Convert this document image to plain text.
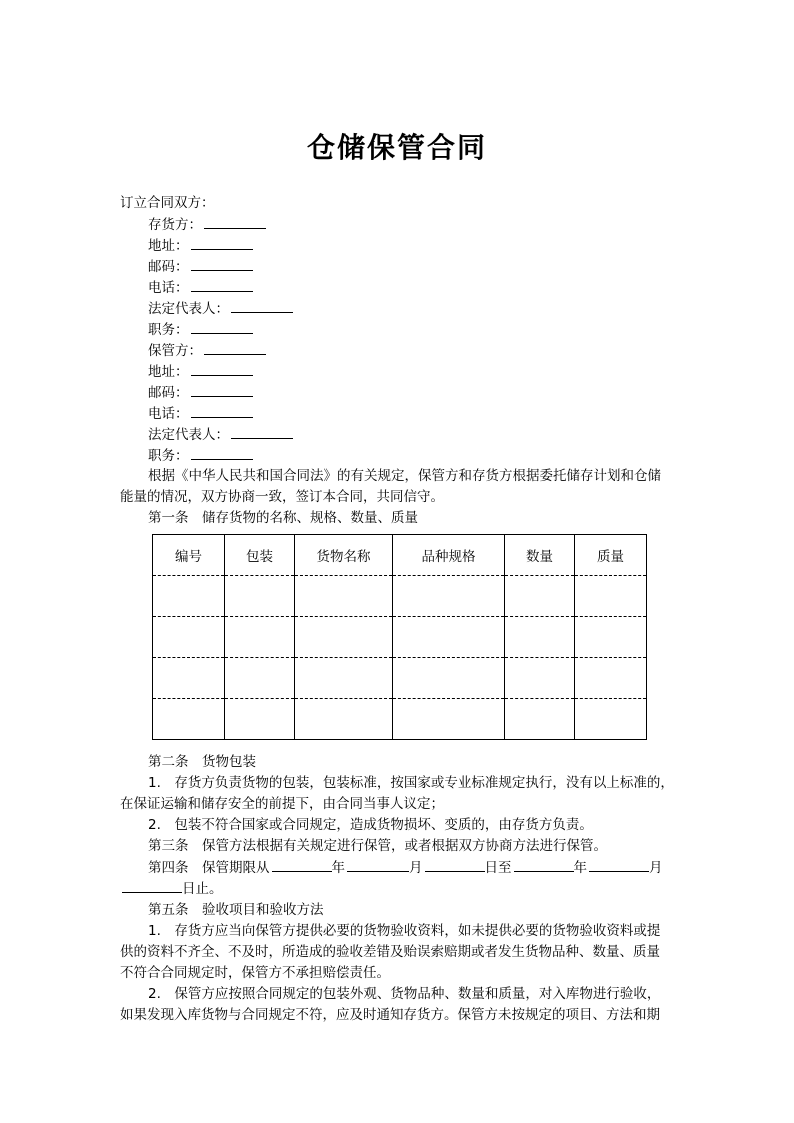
仓储保管合同
订立合同双方：
存货方：
地址：
邮码：
电话：
法定代表人：
职务：
保管方：
地址：
邮码：
电话：
法定代表人：
职务：
根据《中华人民共和国合同法》的有关规定，保管方和存货方根据委托储存计划和仓储
能量的情况，双方协商一致，签订本合同，共同信守。
第一条　储存货物的名称、规格、数量、质量
编号	包装	货物名称	品种规格	数量	质量

第二条　货物包装
1.　存货方负责货物的包装，包装标准，按国家或专业标准规定执行，没有以上标准的，
在保证运输和储存安全的前提下，由合同当事人议定；
2.　包装不符合国家或合同规定，造成货物损坏、变质的，由存货方负责。
第三条　保管方法根据有关规定进行保管，或者根据双方协商方法进行保管。
第四条　保管期限从	年	月	日至	年	月
日止。
第五条　验收项目和验收方法
1.　存货方应当向保管方提供必要的货物验收资料，如未提供必要的货物验收资料或提
供的资料不齐全、不及时，所造成的验收差错及贻误索赔期或者发生货物品种、数量、质量
不符合合同规定时，保管方不承担赔偿责任。
2.　保管方应按照合同规定的包装外观、货物品种、数量和质量，对入库物进行验收，
如果发现入库货物与合同规定不符，应及时通知存货方。保管方未按规定的项目、方法和期
